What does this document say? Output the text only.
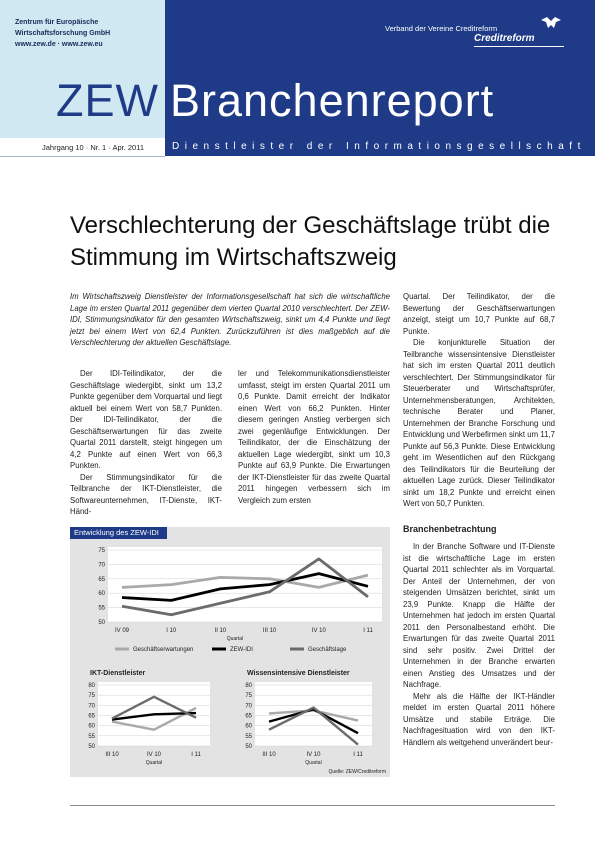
Zentrum für Europäische
Wirtschaftsforschung GmbH
www.zew.de · www.zew.eu
Verband der Vereine Creditreform
Creditreform
ZEW Branchenreport
Jahrgang 10 · Nr. 1 · Apr. 2011	Dienstleister der Informationsgesellschaft
Verschlechterung der Geschäftslage trübt die Stimmung im Wirtschaftszweig
Im Wirtschaftszweig Dienstleister der Informationsgesellschaft hat sich die wirtschaftliche Lage im ersten Quartal 2011 gegenüber dem vierten Quartal 2010 verschlechtert. Der ZEW-IDI, Stimmungsindikator für den gesamten Wirtschaftszweig, sinkt um 4,4 Punkte und liegt jetzt bei einem Wert von 62,4 Punkten. Zurückzuführen ist dies maßgeblich auf die Verschlechterung der aktuellen Geschäftslage.

Der IDI-Teilindikator, der die Geschäftslage wiedergibt, sinkt um 13,2 Punkte gegenüber dem Vorquartal und liegt aktuell bei einem Wert von 58,7 Punkten. Der IDI-Teilindikator, der die Geschäftserwartungen für das zweite Quartal 2011 darstellt, steigt hingegen um 4,2 Punkte auf einen Wert von 66,3 Punkten.

Der Stimmungsindikator für die Teilbranche der IKT-Dienstleister, die Softwareunternehmen, IT-Dienste, IKT-Händ-

ler und Telekommunikationsdienstleister umfasst, steigt im ersten Quartal 2011 um 0,6 Punkte. Damit erreicht der Indikator einen Wert von 66,2 Punkten. Hinter diesem geringen Anstieg verbergen sich zwei gegenläufige Entwicklungen. Der Teilindikator, der die Einschätzung der aktuellen Lage wiedergibt, sinkt um 10,3 Punkte auf 63,9 Punkte. Die Erwartungen der IKT-Dienstleister für das zweite Quartal 2011 hingegen verbessern sich im Vergleich zum ersten

Quartal. Der Teilindikator, der die Bewertung der Geschäftserwartungen anzeigt, steigt um 10,7 Punkte auf 68,7 Punkte.

Die konjunkturelle Situation der Teilbranche wissensintensive Dienstleister hat sich im ersten Quartal 2011 deutlich verschlechtert. Der Stimmungsindikator für Steuerberater und Wirtschaftsprüfer, Unternehmensberatungen, Architekten, technische Berater und Planer, Unternehmen der Branche Forschung und Entwicklung und Werbefirmen sinkt um 11,7 Punkte auf 56,3 Punkte. Diese Entwicklung geht im Wesentlichen auf den Rückgang des Teilindikators für die Beurteilung der aktuellen Lage zurück. Dieser Teilindikator sinkt um 18,2 Punkte und erreicht einen Wert von 50,7 Punkten.

Branchenbetrachtung

In der Branche Software und IT-Dienste ist die wirtschaftliche Lage im ersten Quartal 2011 schlechter als im Vorquartal. Der Anteil der Unternehmen, der von steigenden Umsätzen berichtet, sinkt um 23,9 Punkte. Knapp die Hälfte der Unternehmen hat jedoch im ersten Quartal 2011 den Personalbestand erhöht. Die Erwartungen für das zweite Quartal 2011 sind sehr positiv. Zwei Drittel der Unternehmen in der Branche erwarten einen Anstieg des Umsatzes und der Nachfrage.

Mehr als die Hälfte der IKT-Händler meldet im ersten Quartal 2011 höhere Umsätze und stabile Erträge. Die Nachfragesituation wird von den IKT-Händlern als weitgehend unverändert beur-

50
55
60
65
70
75
IV 09	I 10	II 10	III 10	IV 10	I 11
Quartal
Geschäftserwartungen	ZEW-IDI	Geschäftslage
50
55
60
65
70
75
80
III 10	IV 10	I 11
IKT-Dienstleister
Quartal
50
55
60
65
70
75
80
III 10	IV 10	I 11
Wissensintensive Dienstleister
Quartal
Quelle: ZEW/Creditreform
Entwicklung des ZEW-IDI
